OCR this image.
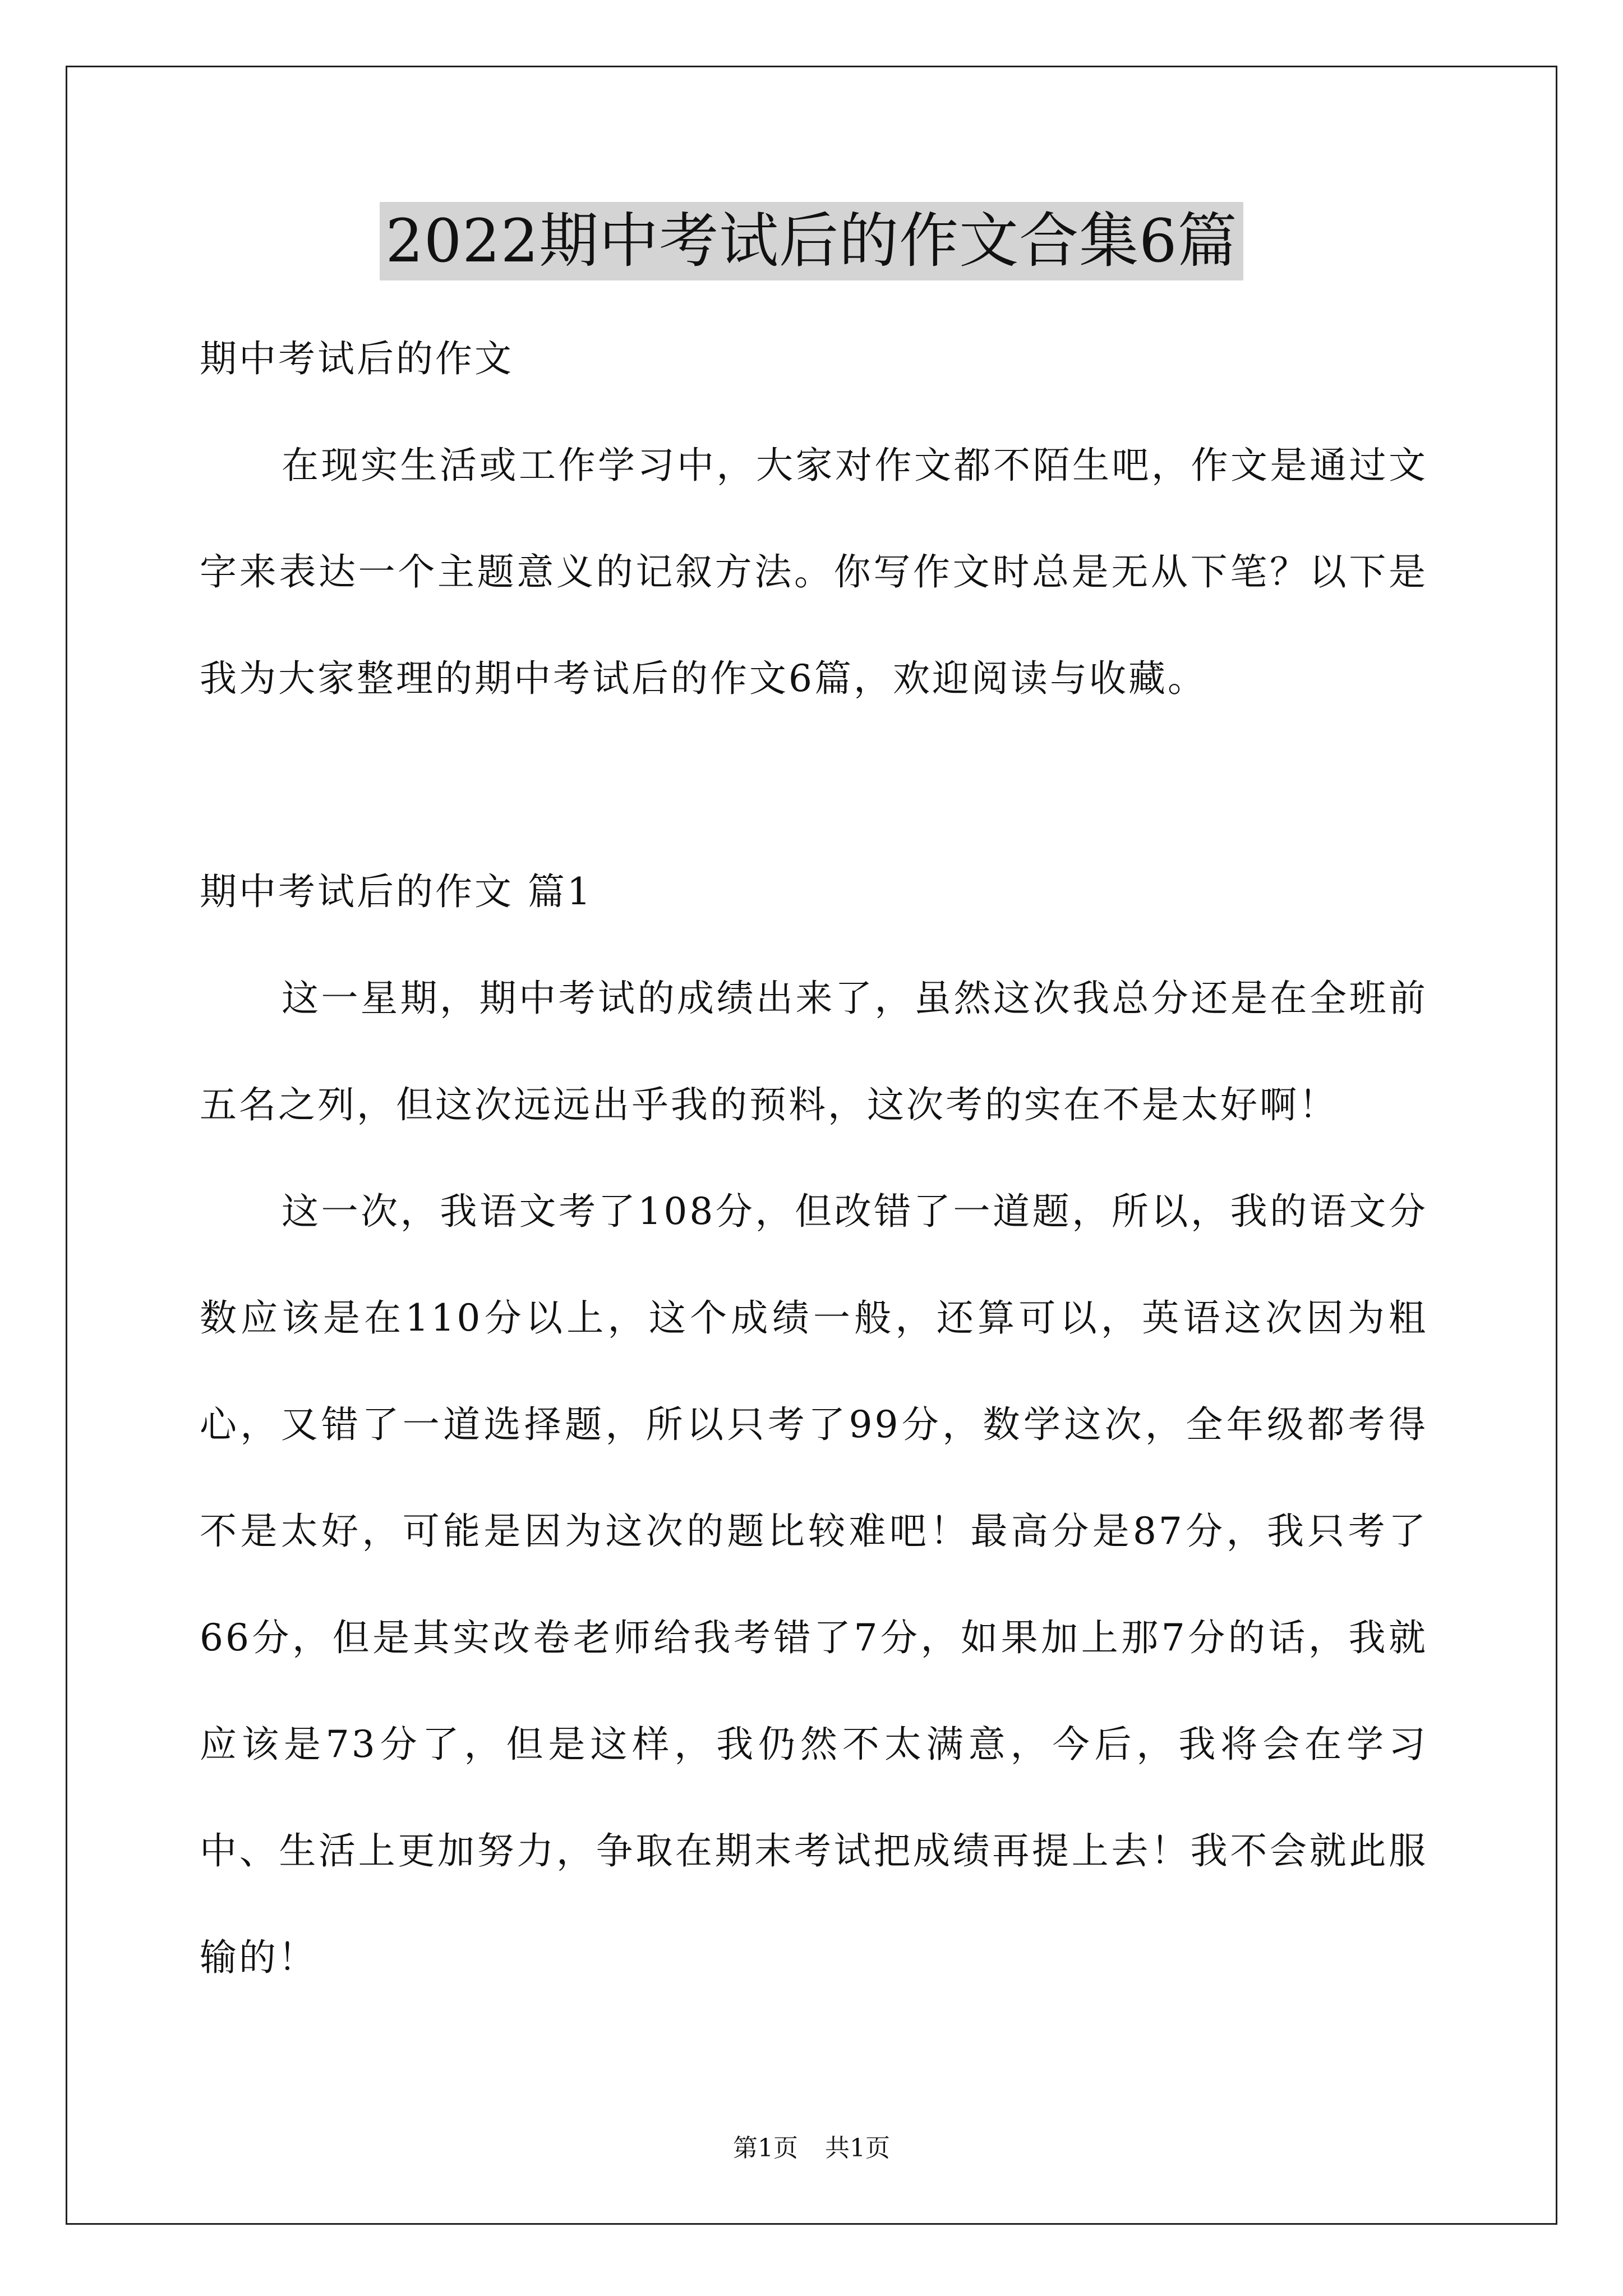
2022期中考试后的作文合集6篇

期中考试后的作文

在现实生活或工作学习中，大家对作文都不陌生吧，作文是通过文字来表达一个主题意义的记叙方法。你写作文时总是无从下笔？以下是我为大家整理的期中考试后的作文6篇，欢迎阅读与收藏。

期中考试后的作文 篇1

这一星期，期中考试的成绩出来了，虽然这次我总分还是在全班前五名之列，但这次远远出乎我的预料，这次考的实在不是太好啊！

这一次，我语文考了108分，但改错了一道题，所以，我的语文分数应该是在110分以上，这个成绩一般，还算可以，英语这次因为粗心，又错了一道选择题，所以只考了99分，数学这次，全年级都考得不是太好，可能是因为这次的题比较难吧！最高分是87分，我只考了66分，但是其实改卷老师给我考错了7分，如果加上那7分的话，我就应该是73分了，但是这样，我仍然不太满意，今后，我将会在学习中、生活上更加努力，争取在期末考试把成绩再提上去！我不会就此服输的！

第1页 共1页
